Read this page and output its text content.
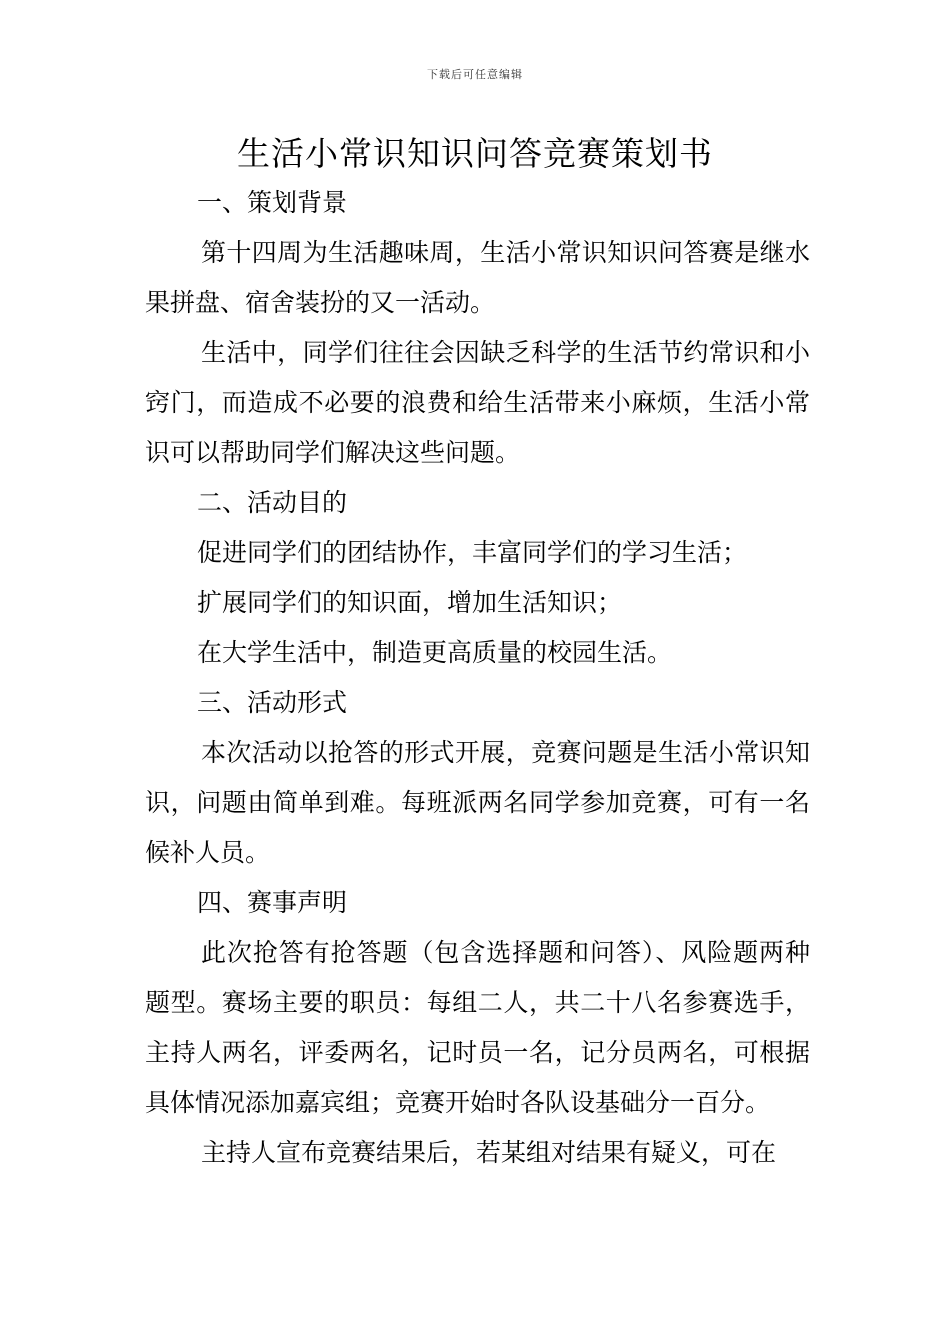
下载后可任意编辑
生活小常识知识问答竞赛策划书

一、策划背景

第十四周为生活趣味周，生活小常识知识问答赛是继水果拼盘、宿舍装扮的又一活动。

生活中，同学们往往会因缺乏科学的生活节约常识和小窍门，而造成不必要的浪费和给生活带来小麻烦，生活小常识可以帮助同学们解决这些问题。

二、活动目的

促进同学们的团结协作，丰富同学们的学习生活；

扩展同学们的知识面，增加生活知识；

在大学生活中，制造更高质量的校园生活。

三、活动形式

本次活动以抢答的形式开展，竞赛问题是生活小常识知识，问题由简单到难。每班派两名同学参加竞赛，可有一名候补人员。

四、赛事声明

此次抢答有抢答题（包含选择题和问答）、风险题两种题型。赛场主要的职员：每组二人，共二十八名参赛选手，主持人两名，评委两名，记时员一名，记分员两名，可根据具体情况添加嘉宾组；竞赛开始时各队设基础分一百分。

主持人宣布竞赛结果后，若某组对结果有疑义，可在
